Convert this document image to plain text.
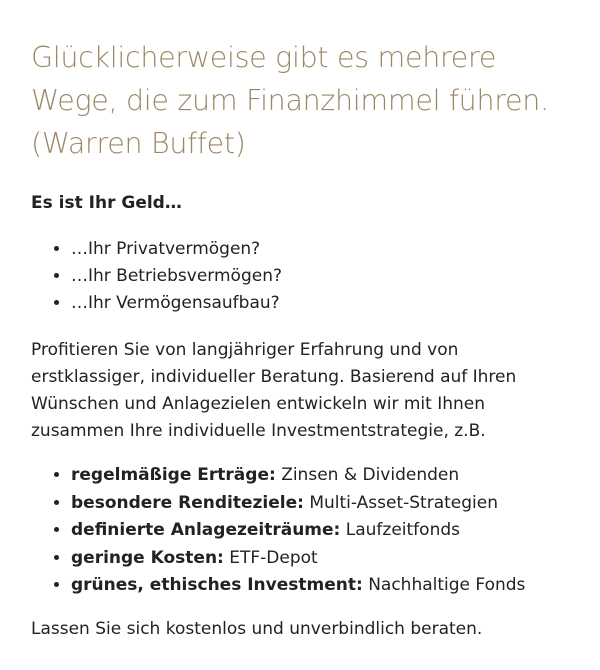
Glücklicherweise gibt es mehrere Wege, die zum Finanzhimmel führen. (Warren Buffet)

Es ist Ihr Geld…

• …Ihr Privatvermögen?
• …Ihr Betriebsvermögen?
• …Ihr Vermögensaufbau?

Profitieren Sie von langjähriger Erfahrung und von erstklassiger, individueller Beratung. Basierend auf Ihren Wünschen und Anlagezielen entwickeln wir mit Ihnen zusammen Ihre individuelle Investmentstrategie, z.B.

• regelmäßige Erträge: Zinsen & Dividenden
• besondere Renditeziele: Multi-Asset-Strategien
• definierte Anlagezeiträume: Laufzeitfonds
• geringe Kosten: ETF-Depot
• grünes, ethisches Investment: Nachhaltige Fonds

Lassen Sie sich kostenlos und unverbindlich beraten.
